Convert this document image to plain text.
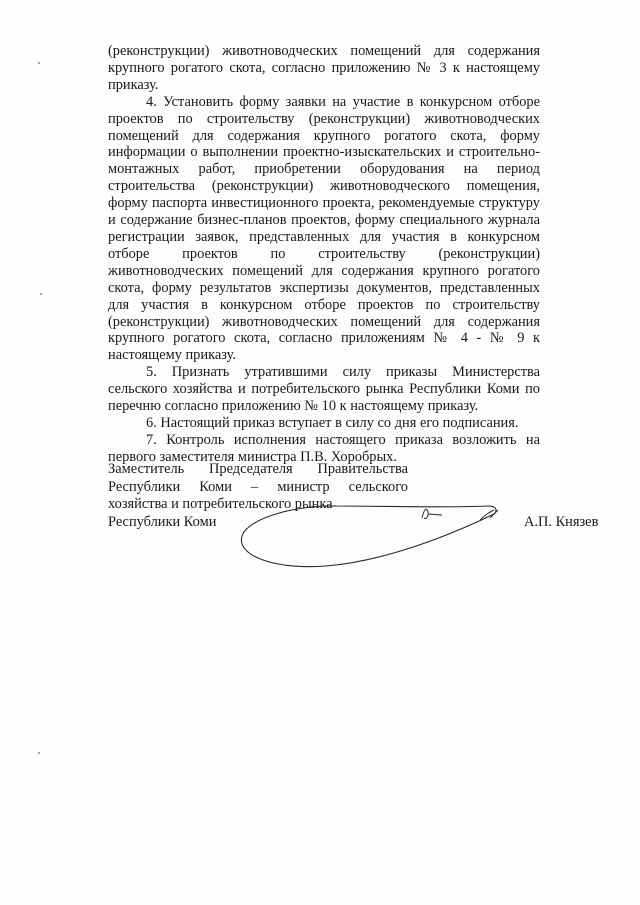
(реконструкции) животноводческих помещений для содержания крупного рогатого скота, согласно приложению № 3 к настоящему приказу.

4. Установить форму заявки на участие в конкурсном отборе проектов по строительству (реконструкции) животноводческих помещений для содержания крупного рогатого скота, форму информации о выполнении проектно-изыскательских и строительно-монтажных работ, приобретении оборудования на период строительства (реконструкции) животноводческого помещения, форму паспорта инвестиционного проекта, рекомендуемые структуру и содержание бизнес-планов проектов, форму специального журнала регистрации заявок, представленных для участия в конкурсном отборе проектов по строительству (реконструкции) животноводческих помещений для содержания крупного рогатого скота, форму результатов экспертизы документов, представленных для участия в конкурсном отборе проектов по строительству (реконструкции) животноводческих помещений для содержания крупного рогатого скота, согласно приложениям № 4 - № 9 к настоящему приказу.

5. Признать утратившими силу приказы Министерства сельского хозяйства и потребительского рынка Республики Коми по перечню согласно приложению № 10 к настоящему приказу.

6. Настоящий приказ вступает в силу со дня его подписания.

7. Контроль исполнения настоящего приказа возложить на первого заместителя министра П.В. Хоробрых.

Заместитель Председателя Правительства
Республики Коми – министр сельского
хозяйства и потребительского рынка
Республики Коми	А.П. Князев
